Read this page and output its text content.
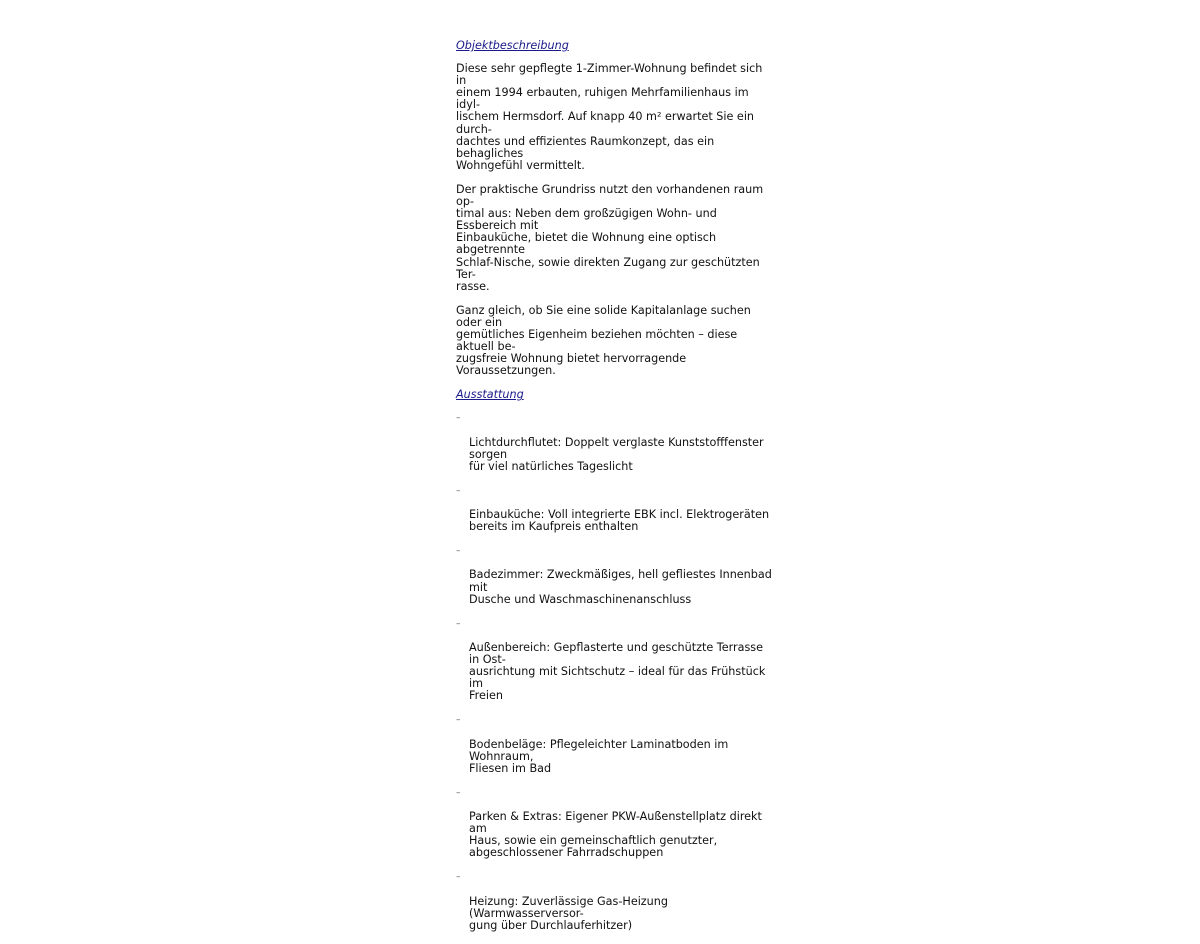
Objektbeschreibung

Diese sehr gepflegte 1-Zimmer-Wohnung befindet sich in
einem 1994 erbauten, ruhigen Mehrfamilienhaus im idyl-
lischem Hermsdorf. Auf knapp 40 m² erwartet Sie ein durch-
dachtes und effizientes Raumkonzept, das ein behagliches
Wohngefühl vermittelt.

Der praktische Grundriss nutzt den vorhandenen raum op-
timal aus: Neben dem großzügigen Wohn- und Essbereich mit
Einbauküche, bietet die Wohnung eine optisch abgetrennte
Schlaf-Nische, sowie direkten Zugang zur geschützten Ter-
rasse.

Ganz gleich, ob Sie eine solide Kapitalanlage suchen oder ein
gemütliches Eigenheim beziehen möchten – diese aktuell be-
zugsfreie Wohnung bietet hervorragende Voraussetzungen.

Ausstattung

–

Lichtdurchflutet: Doppelt verglaste Kunststofffenster sorgen
für viel natürliches Tageslicht

–

Einbauküche: Voll integrierte EBK incl. Elektrogeräten
bereits im Kaufpreis enthalten

–

Badezimmer: Zweckmäßiges, hell gefliestes Innenbad mit
Dusche und Waschmaschinenanschluss

–

Außenbereich: Gepflasterte und geschützte Terrasse in Ost-
ausrichtung mit Sichtschutz – ideal für das Frühstück im
Freien

–

Bodenbeläge: Pflegeleichter Laminatboden im Wohnraum,
Fliesen im Bad

–

Parken & Extras: Eigener PKW-Außenstellplatz direkt am
Haus, sowie ein gemeinschaftlich genutzter,
abgeschlossener Fahrradschuppen

–

Heizung: Zuverlässige Gas-Heizung (Warmwasserversor-
gung über Durchlauferhitzer)
